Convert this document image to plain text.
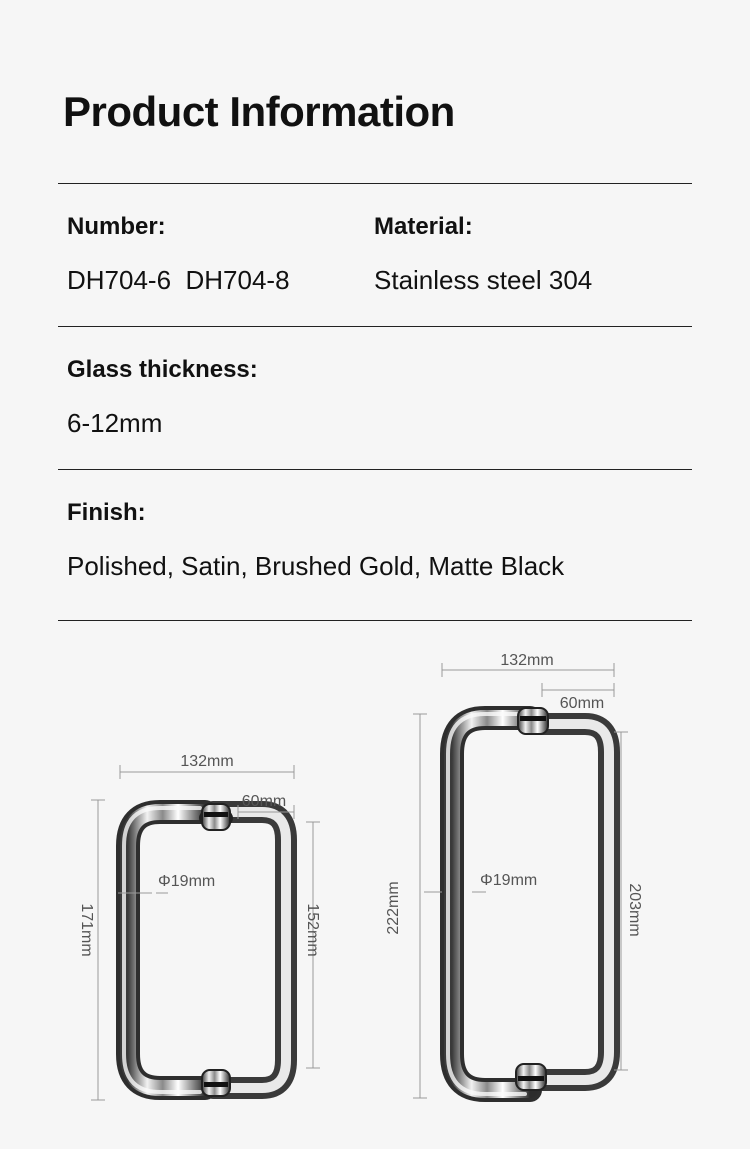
Product Information
Number:
DH704-6  DH704-8
Material:
Stainless steel 304
Glass thickness:
6-12mm
Finish:
Polished, Satin, Brushed Gold, Matte Black
132mm
60mm
Φ19mm
171mm	152mm
132mm
60mm
Φ19mm
222mm	203mm
